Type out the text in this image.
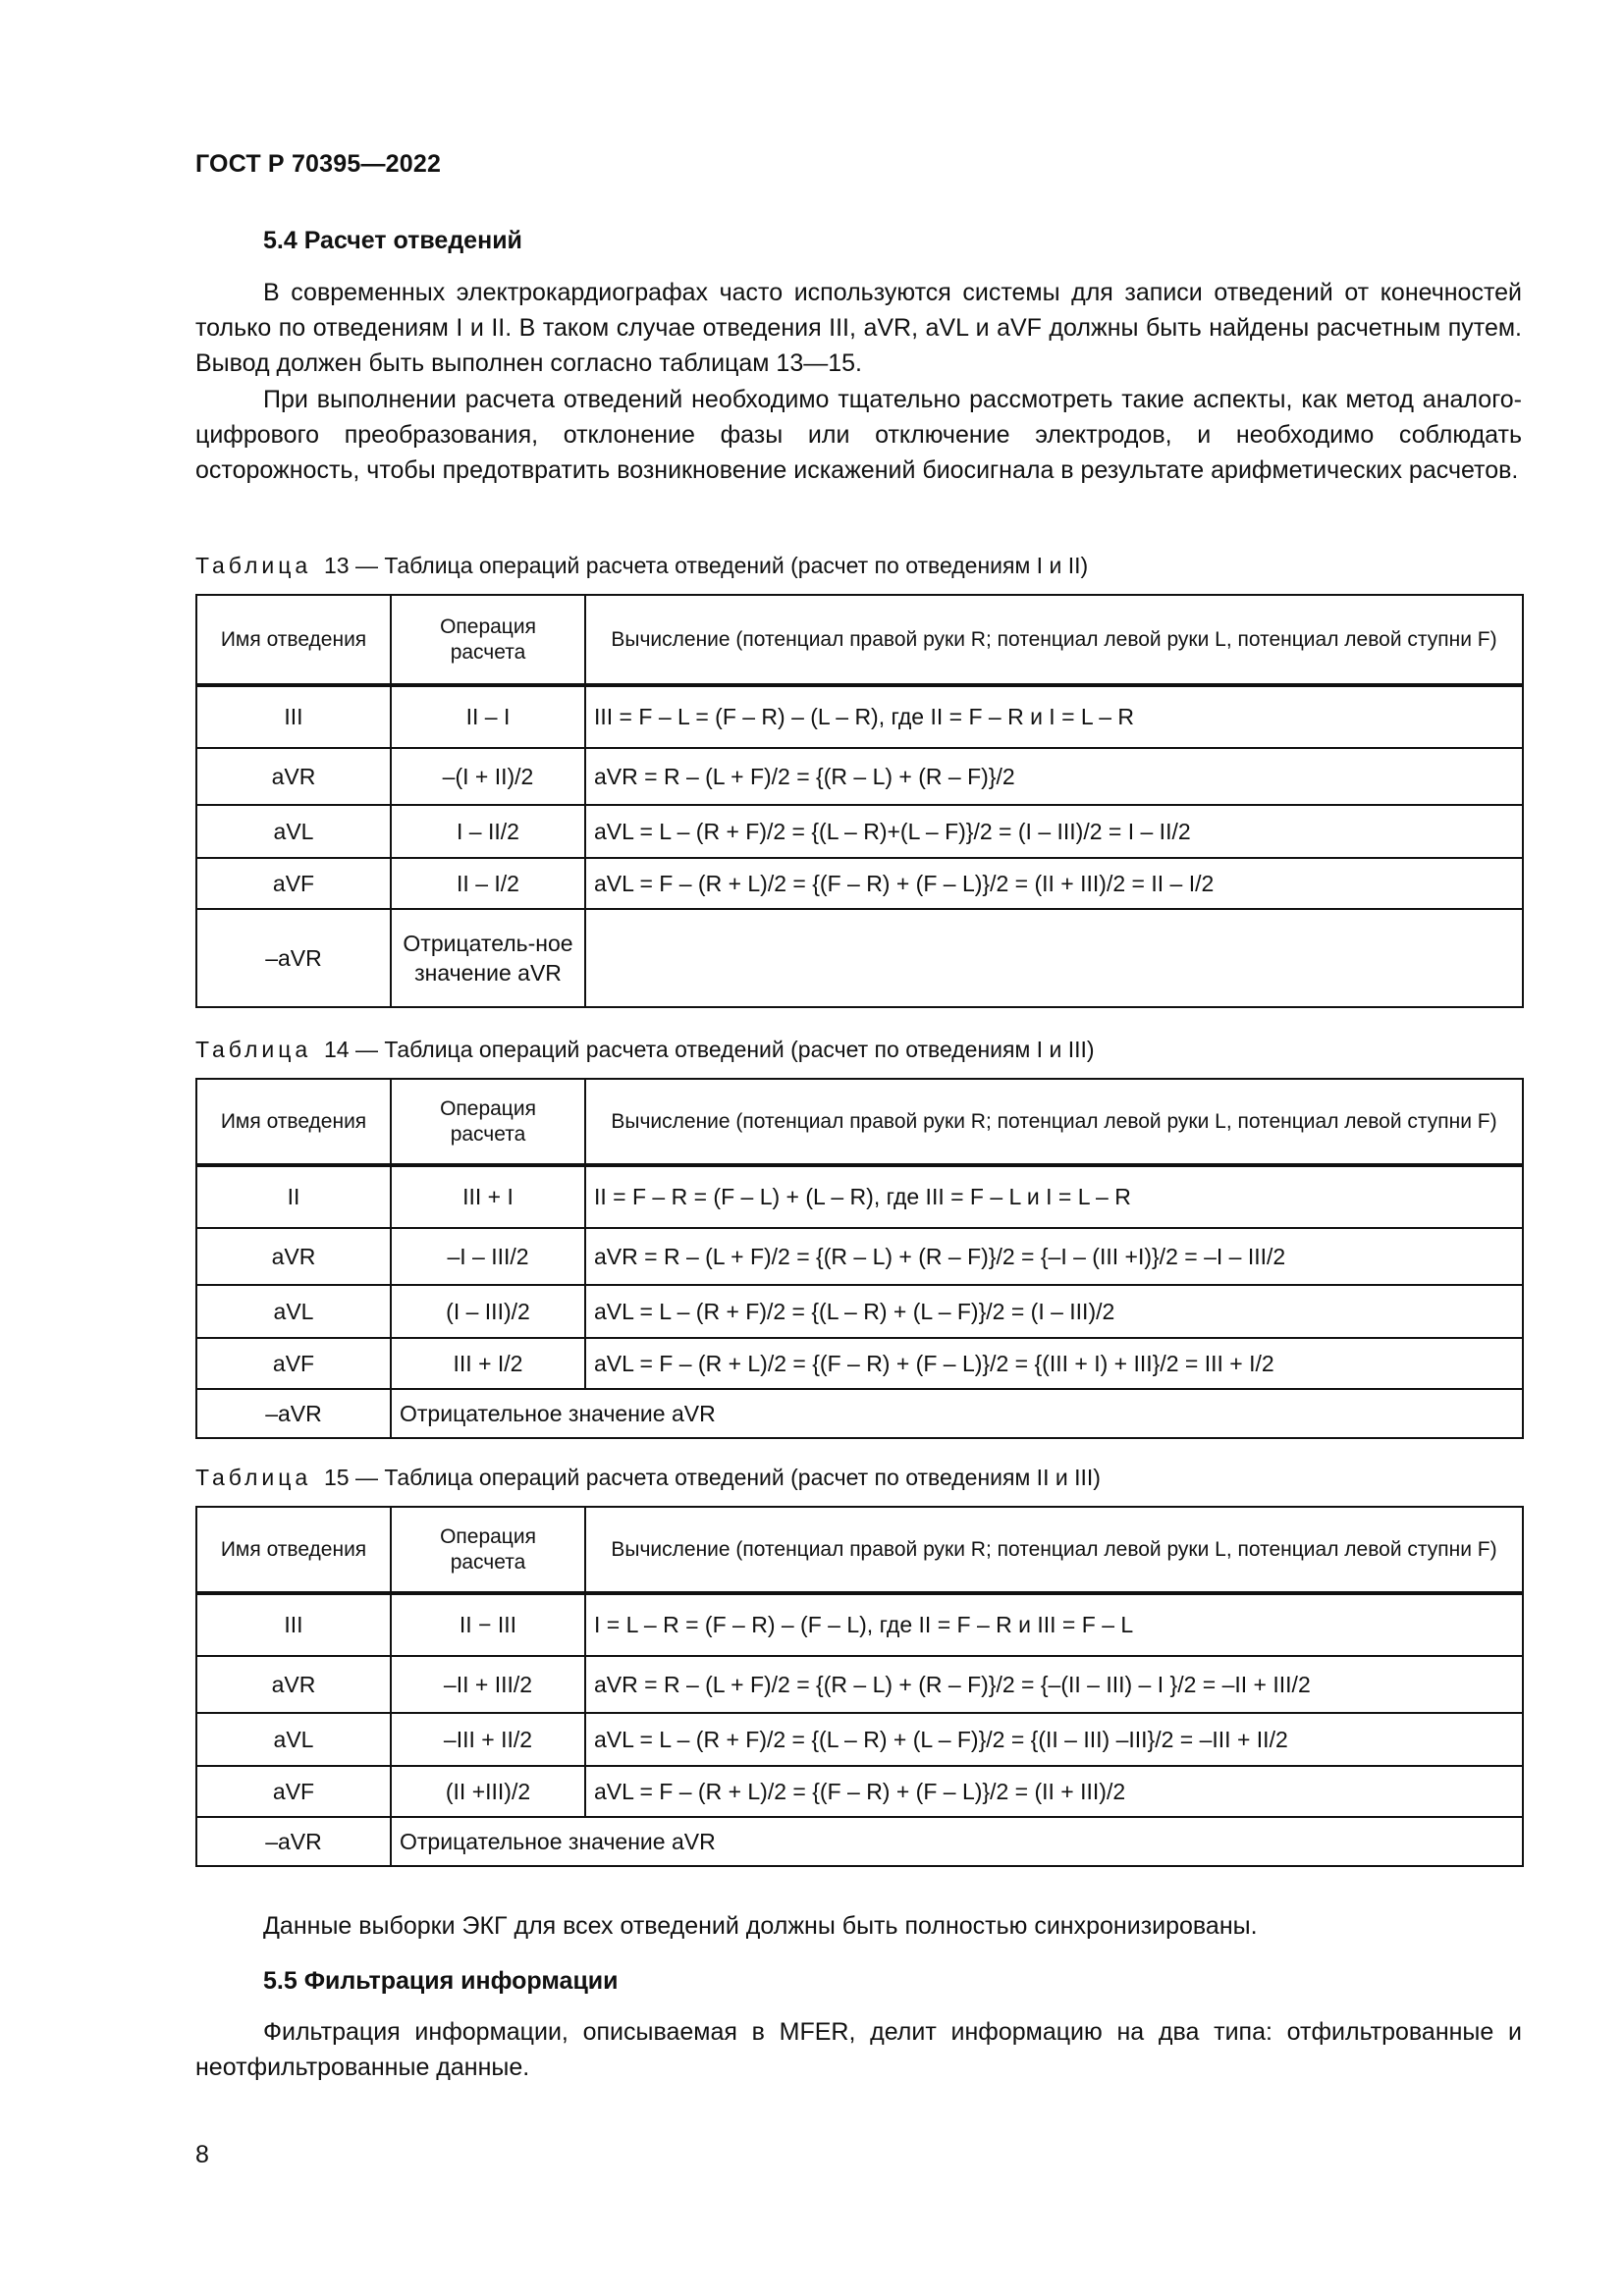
ГОСТ Р 70395—2022
5.4 Расчет отведений

В современных электрокардиографах часто используются системы для записи отведений от конечностей только по отведениям I и II. В таком случае отведения III, aVR, aVL и aVF должны быть найдены расчетным путем. Вывод должен быть выполнен согласно таблицам 13—15.

При выполнении расчета отведений необходимо тщательно рассмотреть такие аспекты, как метод аналого-цифрового преобразования, отклонение фазы или отключение электродов, и необходимо соблюдать осторожность, чтобы предотвратить возникновение искажений биосигнала в результате арифметических расчетов.

Таблица 13 — Таблица операций расчета отведений (расчет по отведениям I и II)
Имя отведения	Операция расчета	Вычисление (потенциал правой руки R; потенциал левой руки L, потенциал левой ступни F)
III	II – I	III = F – L = (F – R) – (L – R), где II = F – R и I = L – R
aVR	–(I + II)/2	aVR = R – (L + F)/2 = {(R – L) + (R – F)}/2
aVL	I – II/2	aVL = L – (R + F)/2 = {(L – R)+(L – F)}/2 = (I – III)/2 = I – II/2
aVF	II – I/2	aVL = F – (R + L)/2 = {(F – R) + (F – L)}/2 = (II + III)/2 = II – I/2
–aVR	Отрицатель-ное значение aVR	
Таблица 14 — Таблица операций расчета отведений (расчет по отведениям I и III)
Имя отведения	Операция расчета	Вычисление (потенциал правой руки R; потенциал левой руки L, потенциал левой ступни F)
II	III + I	II = F – R = (F – L) + (L – R), где III = F – L и I = L – R
aVR	–I – III/2	aVR = R – (L + F)/2 = {(R – L) + (R – F)}/2 = {–I – (III +I)}/2 = –I – III/2
aVL	(I – III)/2	aVL = L – (R + F)/2 = {(L – R) + (L – F)}/2 = (I – III)/2
aVF	III + I/2	aVL = F – (R + L)/2 = {(F – R) + (F – L)}/2 = {(III + I) + III}/2 = III + I/2
–aVR	Отрицательное значение aVR	
Таблица 15 — Таблица операций расчета отведений (расчет по отведениям II и III)
Имя отведения	Операция расчета	Вычисление (потенциал правой руки R; потенциал левой руки L, потенциал левой ступни F)
III	II − III	I = L – R = (F – R) – (F – L), где II = F – R и III = F – L
aVR	–II + III/2	aVR = R – (L + F)/2 = {(R – L) + (R – F)}/2 = {–(II – III) – I }/2 = –II + III/2
aVL	–III + II/2	aVL = L – (R + F)/2 = {(L – R) + (L – F)}/2 = {(II – III) –III}/2 = –III + II/2
aVF	(II +III)/2	aVL = F – (R + L)/2 = {(F – R) + (F – L)}/2 = (II + III)/2
–aVR	Отрицательное значение aVR	

Данные выборки ЭКГ для всех отведений должны быть полностью синхронизированы.

5.5 Фильтрация информации

Фильтрация информации, описываемая в MFER, делит информацию на два типа: отфильтрованные и неотфильтрованные данные.

8
